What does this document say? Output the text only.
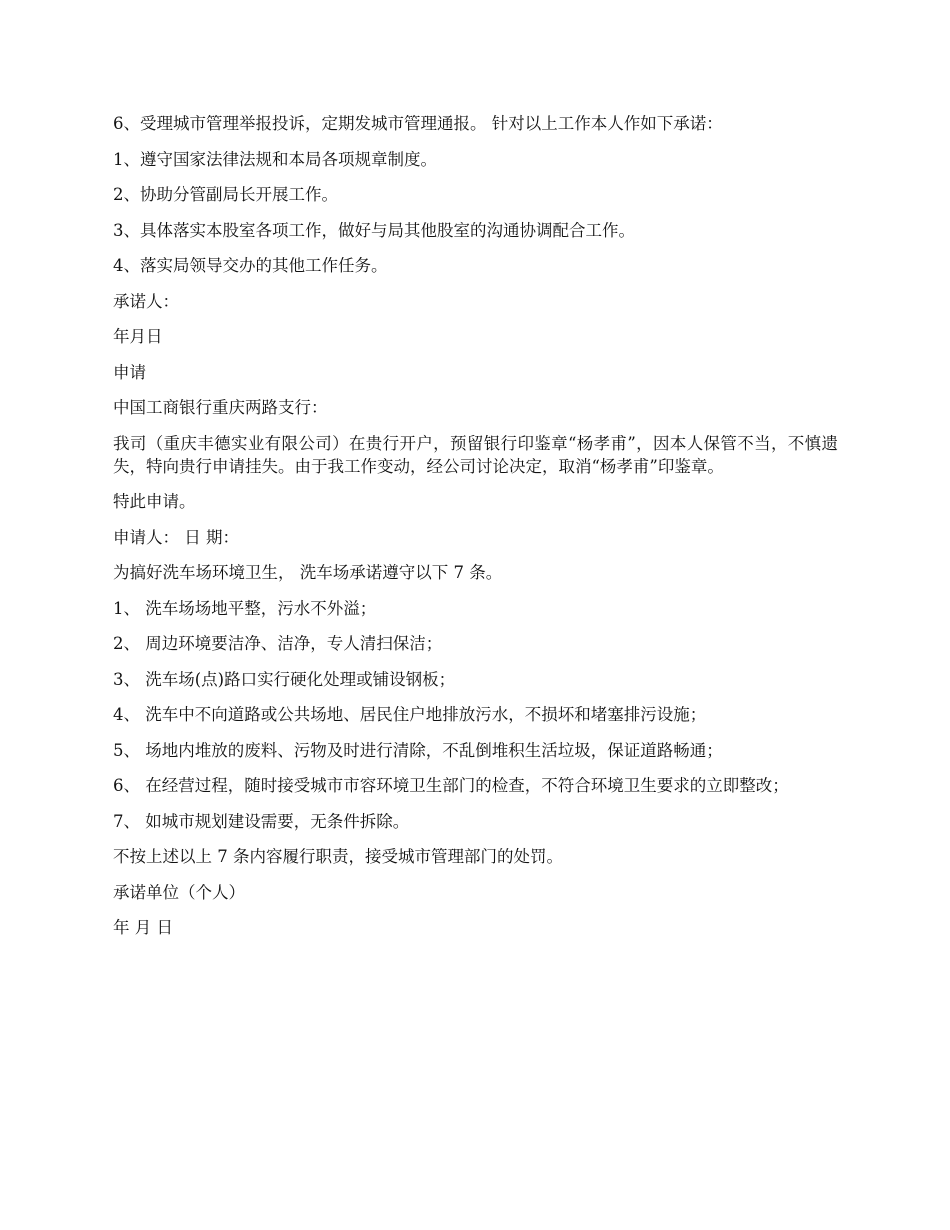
6、受理城市管理举报投诉，定期发城市管理通报。 针对以上工作本人作如下承诺：

1、遵守国家法律法规和本局各项规章制度。

2、协助分管副局长开展工作。

3、具体落实本股室各项工作，做好与局其他股室的沟通协调配合工作。

4、落实局领导交办的其他工作任务。

承诺人：

年月日

申请

中国工商银行重庆两路支行：

我司（重庆丰德实业有限公司）在贵行开户，预留银行印鉴章“杨孝甫”，因本人保管不当，不慎遗失，特向贵行申请挂失。由于我工作变动，经公司讨论决定，取消“杨孝甫”印鉴章。

特此申请。

申请人： 日 期：

为搞好洗车场环境卫生， 洗车场承诺遵守以下 7 条。

1、 洗车场场地平整，污水不外溢；

2、 周边环境要洁净、洁净，专人清扫保洁；

3、 洗车场(点)路口实行硬化处理或铺设钢板；

4、 洗车中不向道路或公共场地、居民住户地排放污水，不损坏和堵塞排污设施；

5、 场地内堆放的废料、污物及时进行清除，不乱倒堆积生活垃圾，保证道路畅通；

6、 在经营过程，随时接受城市市容环境卫生部门的检查，不符合环境卫生要求的立即整改；

7、 如城市规划建设需要，无条件拆除。

不按上述以上 7 条内容履行职责，接受城市管理部门的处罚。

承诺单位（个人）

年 月 日
